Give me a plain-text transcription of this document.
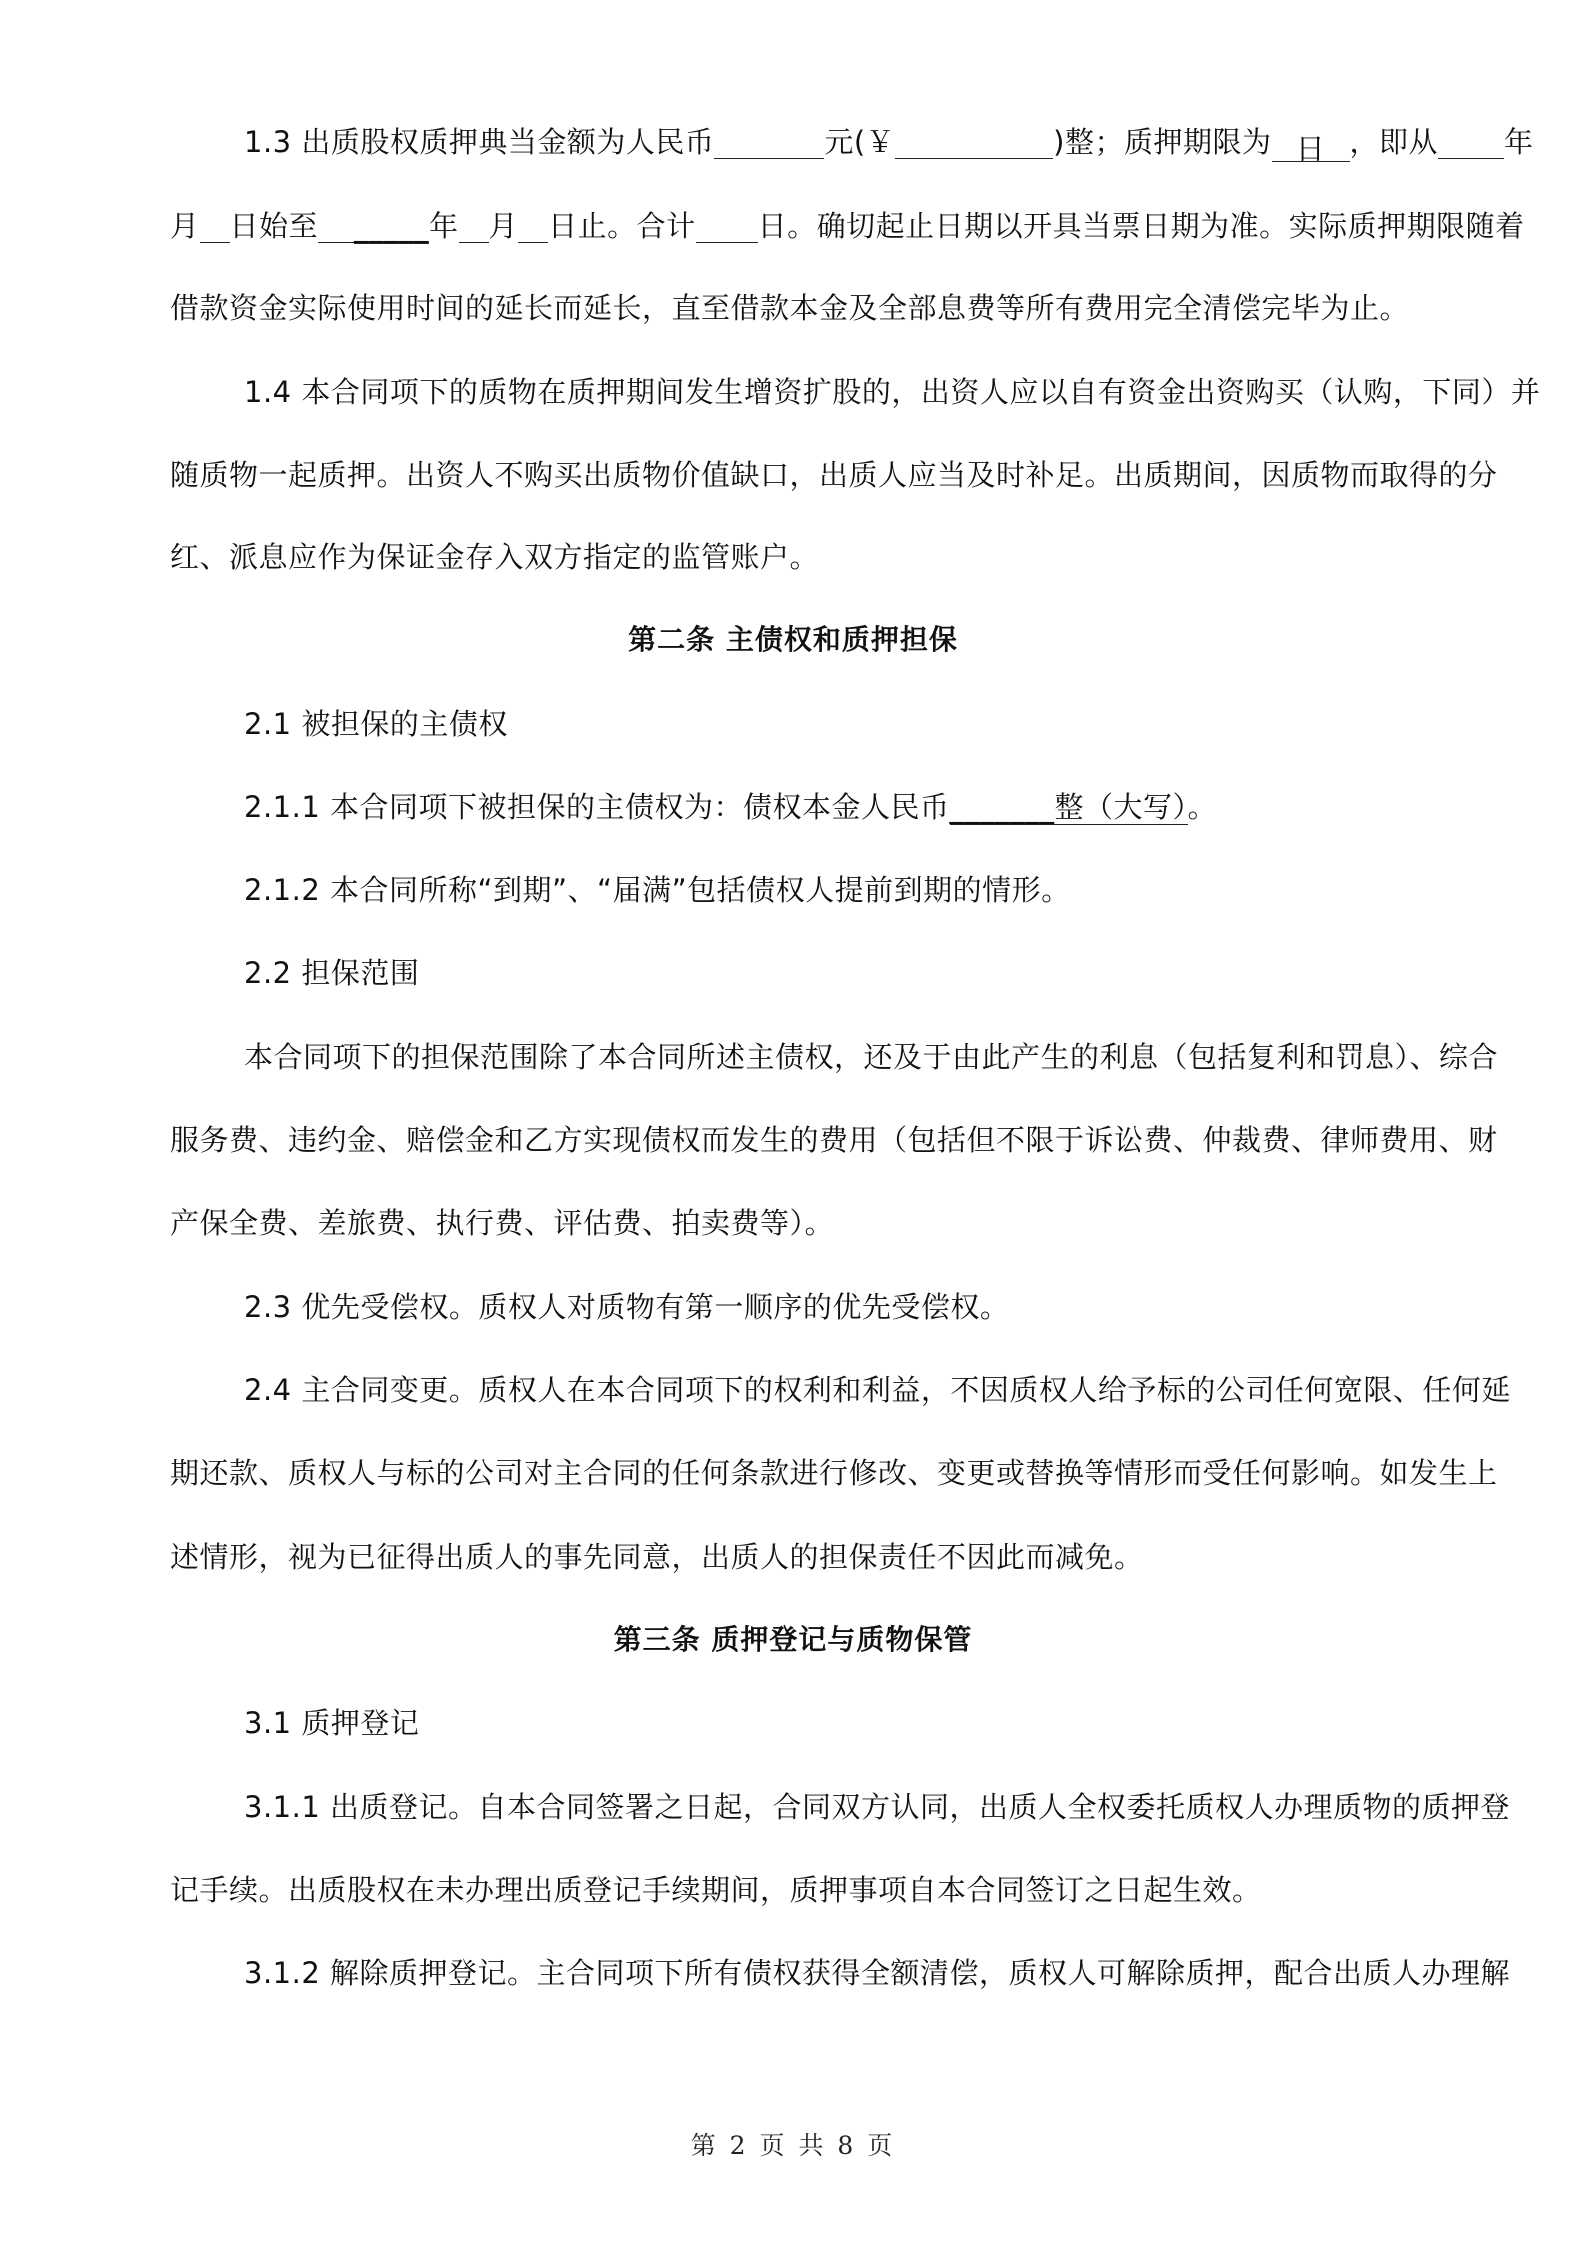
1.3 出质股权质押典当金额为人民币	元(￥	)整；质押期限为 日 ，即从 年
月 日始至 _____年 月 日止。合计 日。确切起止日期以开具当票日期为准。实际质押期限随着
借款资金实际使用时间的延长而延长，直至借款本金及全部息费等所有费用完全清偿完毕为止。
1.4 本合同项下的质物在质押期间发生增资扩股的，出资人应以自有资金出资购买（认购，下同）并
随质物一起质押。出资人不购买出质物价值缺口，出质人应当及时补足。出质期间，因质物而取得的分
红、派息应作为保证金存入双方指定的监管账户。
第二条 主债权和质押担保
2.1 被担保的主债权
2.1.1 本合同项下被担保的主债权为：债权本金人民币_______整（大写）。
2.1.2 本合同所称“到期”、“届满”包括债权人提前到期的情形。
2.2 担保范围
本合同项下的担保范围除了本合同所述主债权，还及于由此产生的利息（包括复利和罚息）、综合
服务费、违约金、赔偿金和乙方实现债权而发生的费用（包括但不限于诉讼费、仲裁费、律师费用、财
产保全费、差旅费、执行费、评估费、拍卖费等）。
2.3 优先受偿权。质权人对质物有第一顺序的优先受偿权。
2.4 主合同变更。质权人在本合同项下的权利和利益，不因质权人给予标的公司任何宽限、任何延
期还款、质权人与标的公司对主合同的任何条款进行修改、变更或替换等情形而受任何影响。如发生上
述情形，视为已征得出质人的事先同意，出质人的担保责任不因此而减免。
第三条 质押登记与质物保管
3.1 质押登记
3.1.1 出质登记。自本合同签署之日起，合同双方认同，出质人全权委托质权人办理质物的质押登
记手续。出质股权在未办理出质登记手续期间，质押事项自本合同签订之日起生效。
3.1.2 解除质押登记。主合同项下所有债权获得全额清偿，质权人可解除质押，配合出质人办理解
第 2 页 共 8 页
